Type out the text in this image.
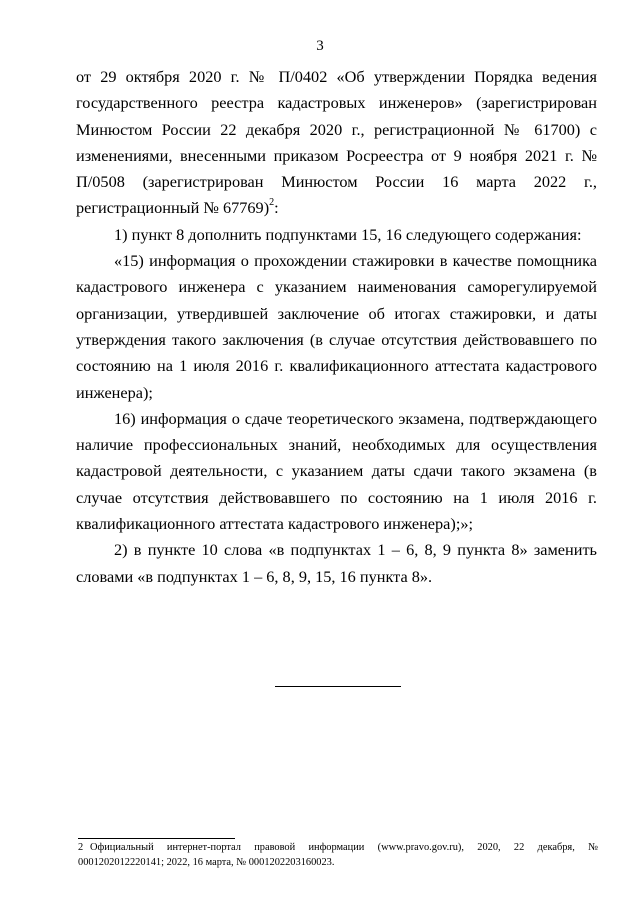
3

от 29 октября 2020 г. № П/0402 «Об утверждении Порядка ведения государственного реестра кадастровых инженеров» (зарегистрирован Минюстом России 22 декабря 2020 г., регистрационной № 61700) с изменениями, внесенными приказом Росреестра от 9 ноября 2021 г. № П/0508 (зарегистрирован Минюстом России 16 марта 2022 г., регистрационный № 67769)$^2$:

1) пункт 8 дополнить подпунктами 15, 16 следующего содержания:

«15) информация о прохождении стажировки в качестве помощника кадастрового инженера с указанием наименования саморегулируемой организации, утвердившей заключение об итогах стажировки, и даты утверждения такого заключения (в случае отсутствия действовавшего по состоянию на 1 июля 2016 г. квалификационного аттестата кадастрового инженера);

16) информация о сдаче теоретического экзамена, подтверждающего наличие профессиональных знаний, необходимых для осуществления кадастровой деятельности, с указанием даты сдачи такого экзамена (в случае отсутствия действовавшего по состоянию на 1 июля 2016 г. квалификационного аттестата кадастрового инженера);»;

2) в пункте 10 слова «в подпунктах 1 – 6, 8, 9 пункта 8» заменить словами «в подпунктах 1 – 6, 8, 9, 15, 16 пункта 8».

2 Официальный интернет-портал правовой информации (www.pravo.gov.ru), 2020, 22 декабря, № 0001202012220141; 2022, 16 марта, № 0001202203160023.
